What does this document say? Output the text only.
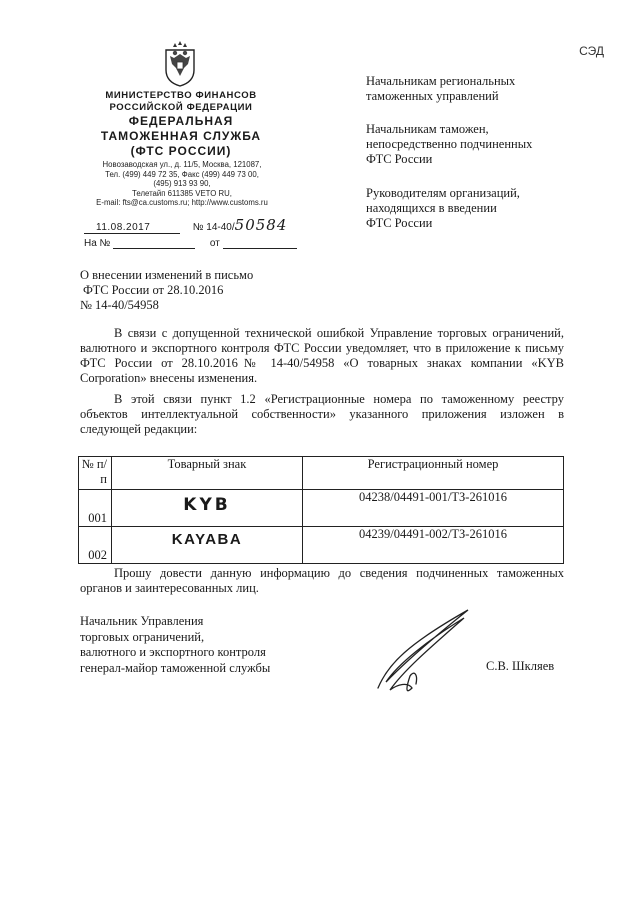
СЭД
МИНИСТЕРСТВО ФИНАНСОВ
РОССИЙСКОЙ ФЕДЕРАЦИИ
ФЕДЕРАЛЬНАЯ
ТАМОЖЕННАЯ СЛУЖБА
(ФТС РОССИИ)
Новозаводская ул., д. 11/5, Москва, 121087,
Тел. (499) 449 72 35, Факс (499) 449 73 00,
(495) 913 93 90,
Телетайп 611385 VETO RU,
E-mail: fts@ca.customs.ru; http://www.customs.ru
11.08.2017	№ 14-40/50584
На №	от
Начальникам региональных
таможенных управлений
Начальникам таможен,
непосредственно подчиненных
ФТС России
Руководителям организаций,
находящихся в введении
ФТС России
О внесении изменений в письмо
ФТС России от 28.10.2016
№ 14-40/54958

В связи с допущенной технической ошибкой Управление торговых ограничений, валютного и экспортного контроля ФТС России уведомляет, что в приложение к письму ФТС России от 28.10.2016№ 14-40/54958 «О товарных знаках компании «KYB Corporation» внесены изменения.

В этой связи пункт 1.2 «Регистрационные номера по таможенному реестру объектов интеллектуальной собственности» указанного приложения изложен в следующей редакции:

№ п/п	Товарный знак	Регистрационный номер
001	KYB	04238/04491-001/ТЗ-261016
002	KAYABA	04239/04491-002/ТЗ-261016

Прошу довести данную информацию до сведения подчиненных таможенных органов и заинтересованных лиц.

Начальник Управления
торговых ограничений,
валютного и экспортного контроля
генерал-майор таможенной службы	С.В. Шкляев
